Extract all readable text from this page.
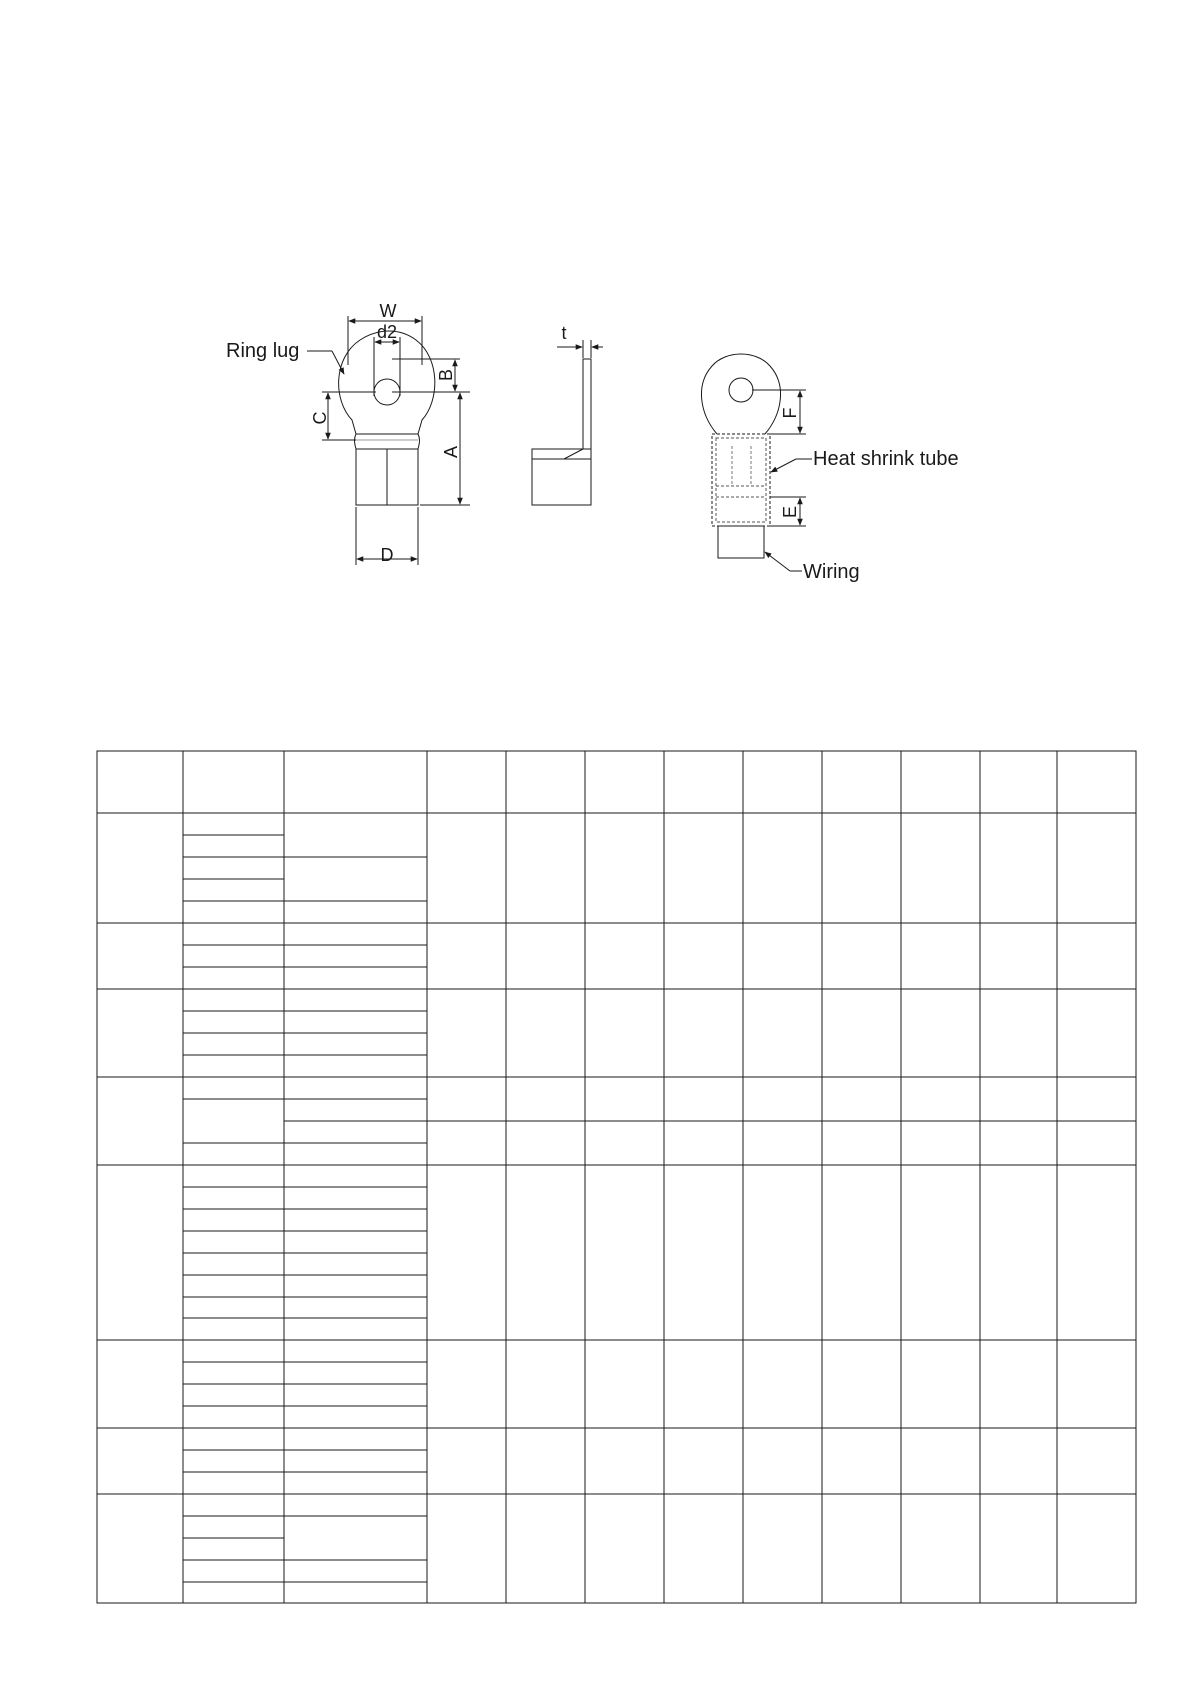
W
d2
B
A
C
D
t
F
E
Ring lug
Heat shrink tube
Wiring
